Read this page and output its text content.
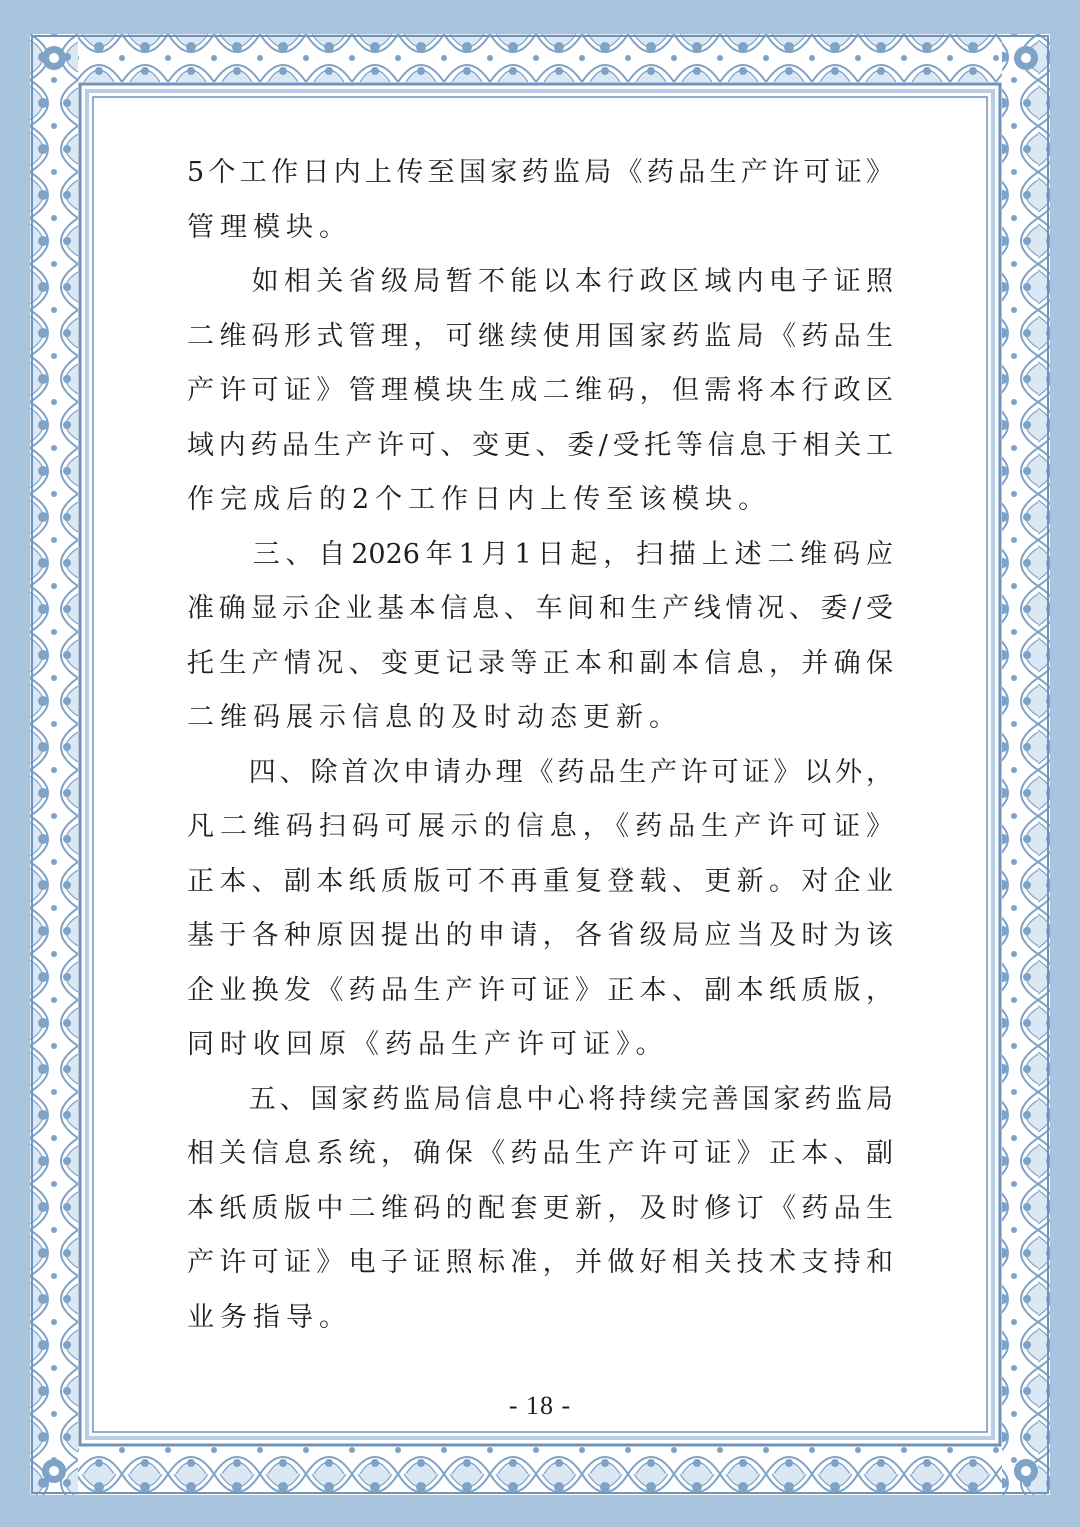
5个工作日内上传至国家药监局《药品生产许可证》
管理模块。
　　如相关省级局暂不能以本行政区域内电子证照
二维码形式管理，可继续使用国家药监局《药品生
产许可证》管理模块生成二维码，但需将本行政区
域内药品生产许可、变更、委/受托等信息于相关工
作完成后的2个工作日内上传至该模块。
　　三、自2026年1月1日起，扫描上述二维码应
准确显示企业基本信息、车间和生产线情况、委/受
托生产情况、变更记录等正本和副本信息，并确保
二维码展示信息的及时动态更新。
　　四、除首次申请办理《药品生产许可证》以外，
凡二维码扫码可展示的信息，《药品生产许可证》
正本、副本纸质版可不再重复登载、更新。对企业
基于各种原因提出的申请，各省级局应当及时为该
企业换发《药品生产许可证》正本、副本纸质版，
同时收回原《药品生产许可证》。
　　五、国家药监局信息中心将持续完善国家药监局
相关信息系统，确保《药品生产许可证》正本、副
本纸质版中二维码的配套更新，及时修订《药品生
产许可证》电子证照标准，并做好相关技术支持和
业务指导。
- 18 -
